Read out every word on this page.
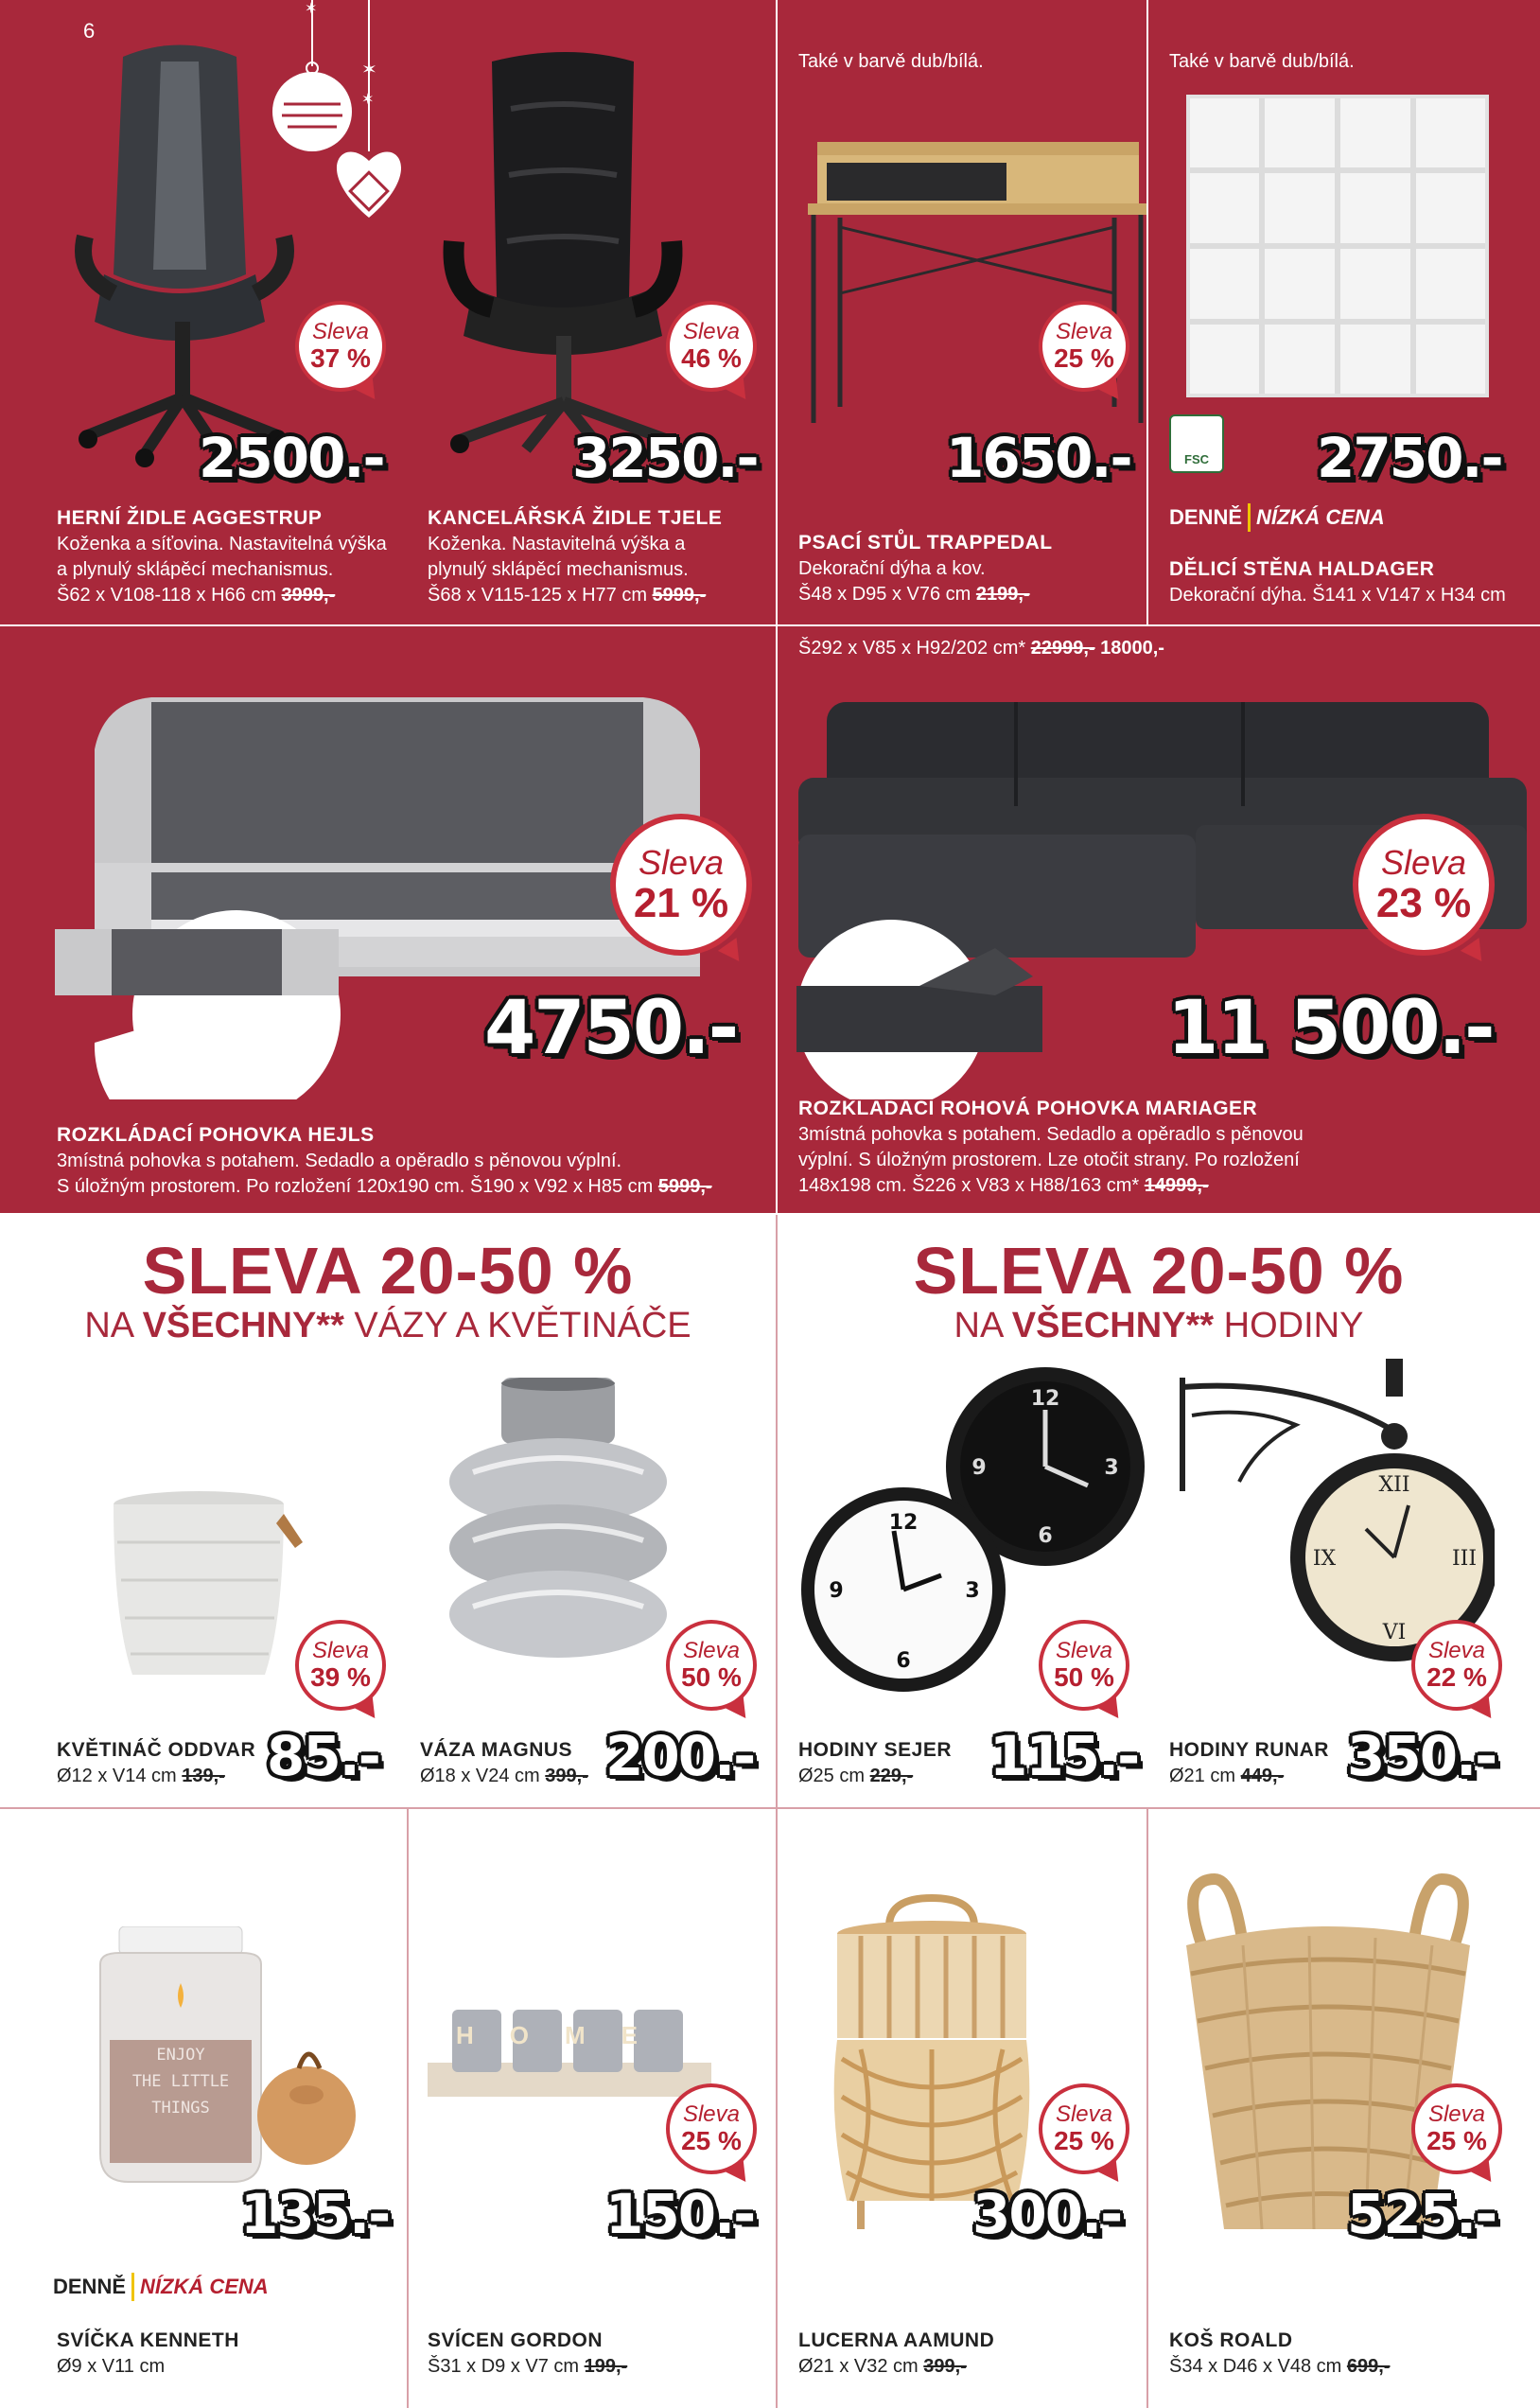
6
✶
✶
✶
Sleva
37 %
2500.-
HERNÍ ŽIDLE AGGESTRUP
Koženka a síťovina. Nastavitelná výška
a plynulý sklápěcí mechanismus.
Š62 x V108-118 x H66 cm 3999,-
Sleva
46 %
3250.-
KANCELÁŘSKÁ ŽIDLE TJELE
Koženka. Nastavitelná výška a
plynulý sklápěcí mechanismus.
Š68 x V115-125 x H77 cm 5999,-
Také v barvě dub/bílá.
Sleva
25 %
1650.-
PSACÍ STŮL TRAPPEDAL
Dekorační dýha a kov.
Š48 x D95 x V76 cm 2199,-
Také v barvě dub/bílá.
FSC 2750.-
DENNĚ NÍZKÁ CENA
DĚLICÍ STĚNA HALDAGER
Dekorační dýha. Š141 x V147 x H34 cm
Sleva
21 %
4750.-
ROZKLÁDACÍ POHOVKA HEJLS
3místná pohovka s potahem. Sedadlo a opěradlo s pěnovou výplní.
S úložným prostorem. Po rozložení 120x190 cm. Š190 x V92 x H85 cm 5999,-
Š292 x V85 x H92/202 cm* 22999,- 18000,-
Sleva
23 %
11 500.-
ROZKLÁDACÍ ROHOVÁ POHOVKA MARIAGER
3místná pohovka s potahem. Sedadlo a opěradlo s pěnovou
výplní. S úložným prostorem. Lze otočit strany. Po rozložení
148x198 cm. Š226 x V83 x H88/163 cm* 14999,-
SLEVA 20-50 %
NA VŠECHNY** VÁZY A KVĚTINÁČE
SLEVA 20-50 %
NA VŠECHNY** HODINY
Sleva
39 %
KVĚTINÁČ ODDVAR
Ø12 x V14 cm 139,- 85.-
Sleva
50 %
VÁZA MAGNUS
Ø18 x V24 cm 399,- 200.-
12
3
6
9
12
3
6
9
Sleva
50 %
HODINY SEJER
Ø25 cm 229,- 115.-
XII
III
VI
IX
Sleva
22 %
HODINY RUNAR
Ø21 cm 449,- 350.-
ENJOY
THE LITTLE
THINGS
135.-
DENNĚ NÍZKÁ CENA
SVÍČKA KENNETH
Ø9 x V11 cm
HOME
Sleva
25 %
150.-
SVÍCEN GORDON
Š31 x D9 x V7 cm 199,-
Sleva
25 %
300.-
LUCERNA AAMUND
Ø21 x V32 cm 399,-
Sleva
25 %
525.-
KOŠ ROALD
Š34 x D46 x V48 cm 699,-
